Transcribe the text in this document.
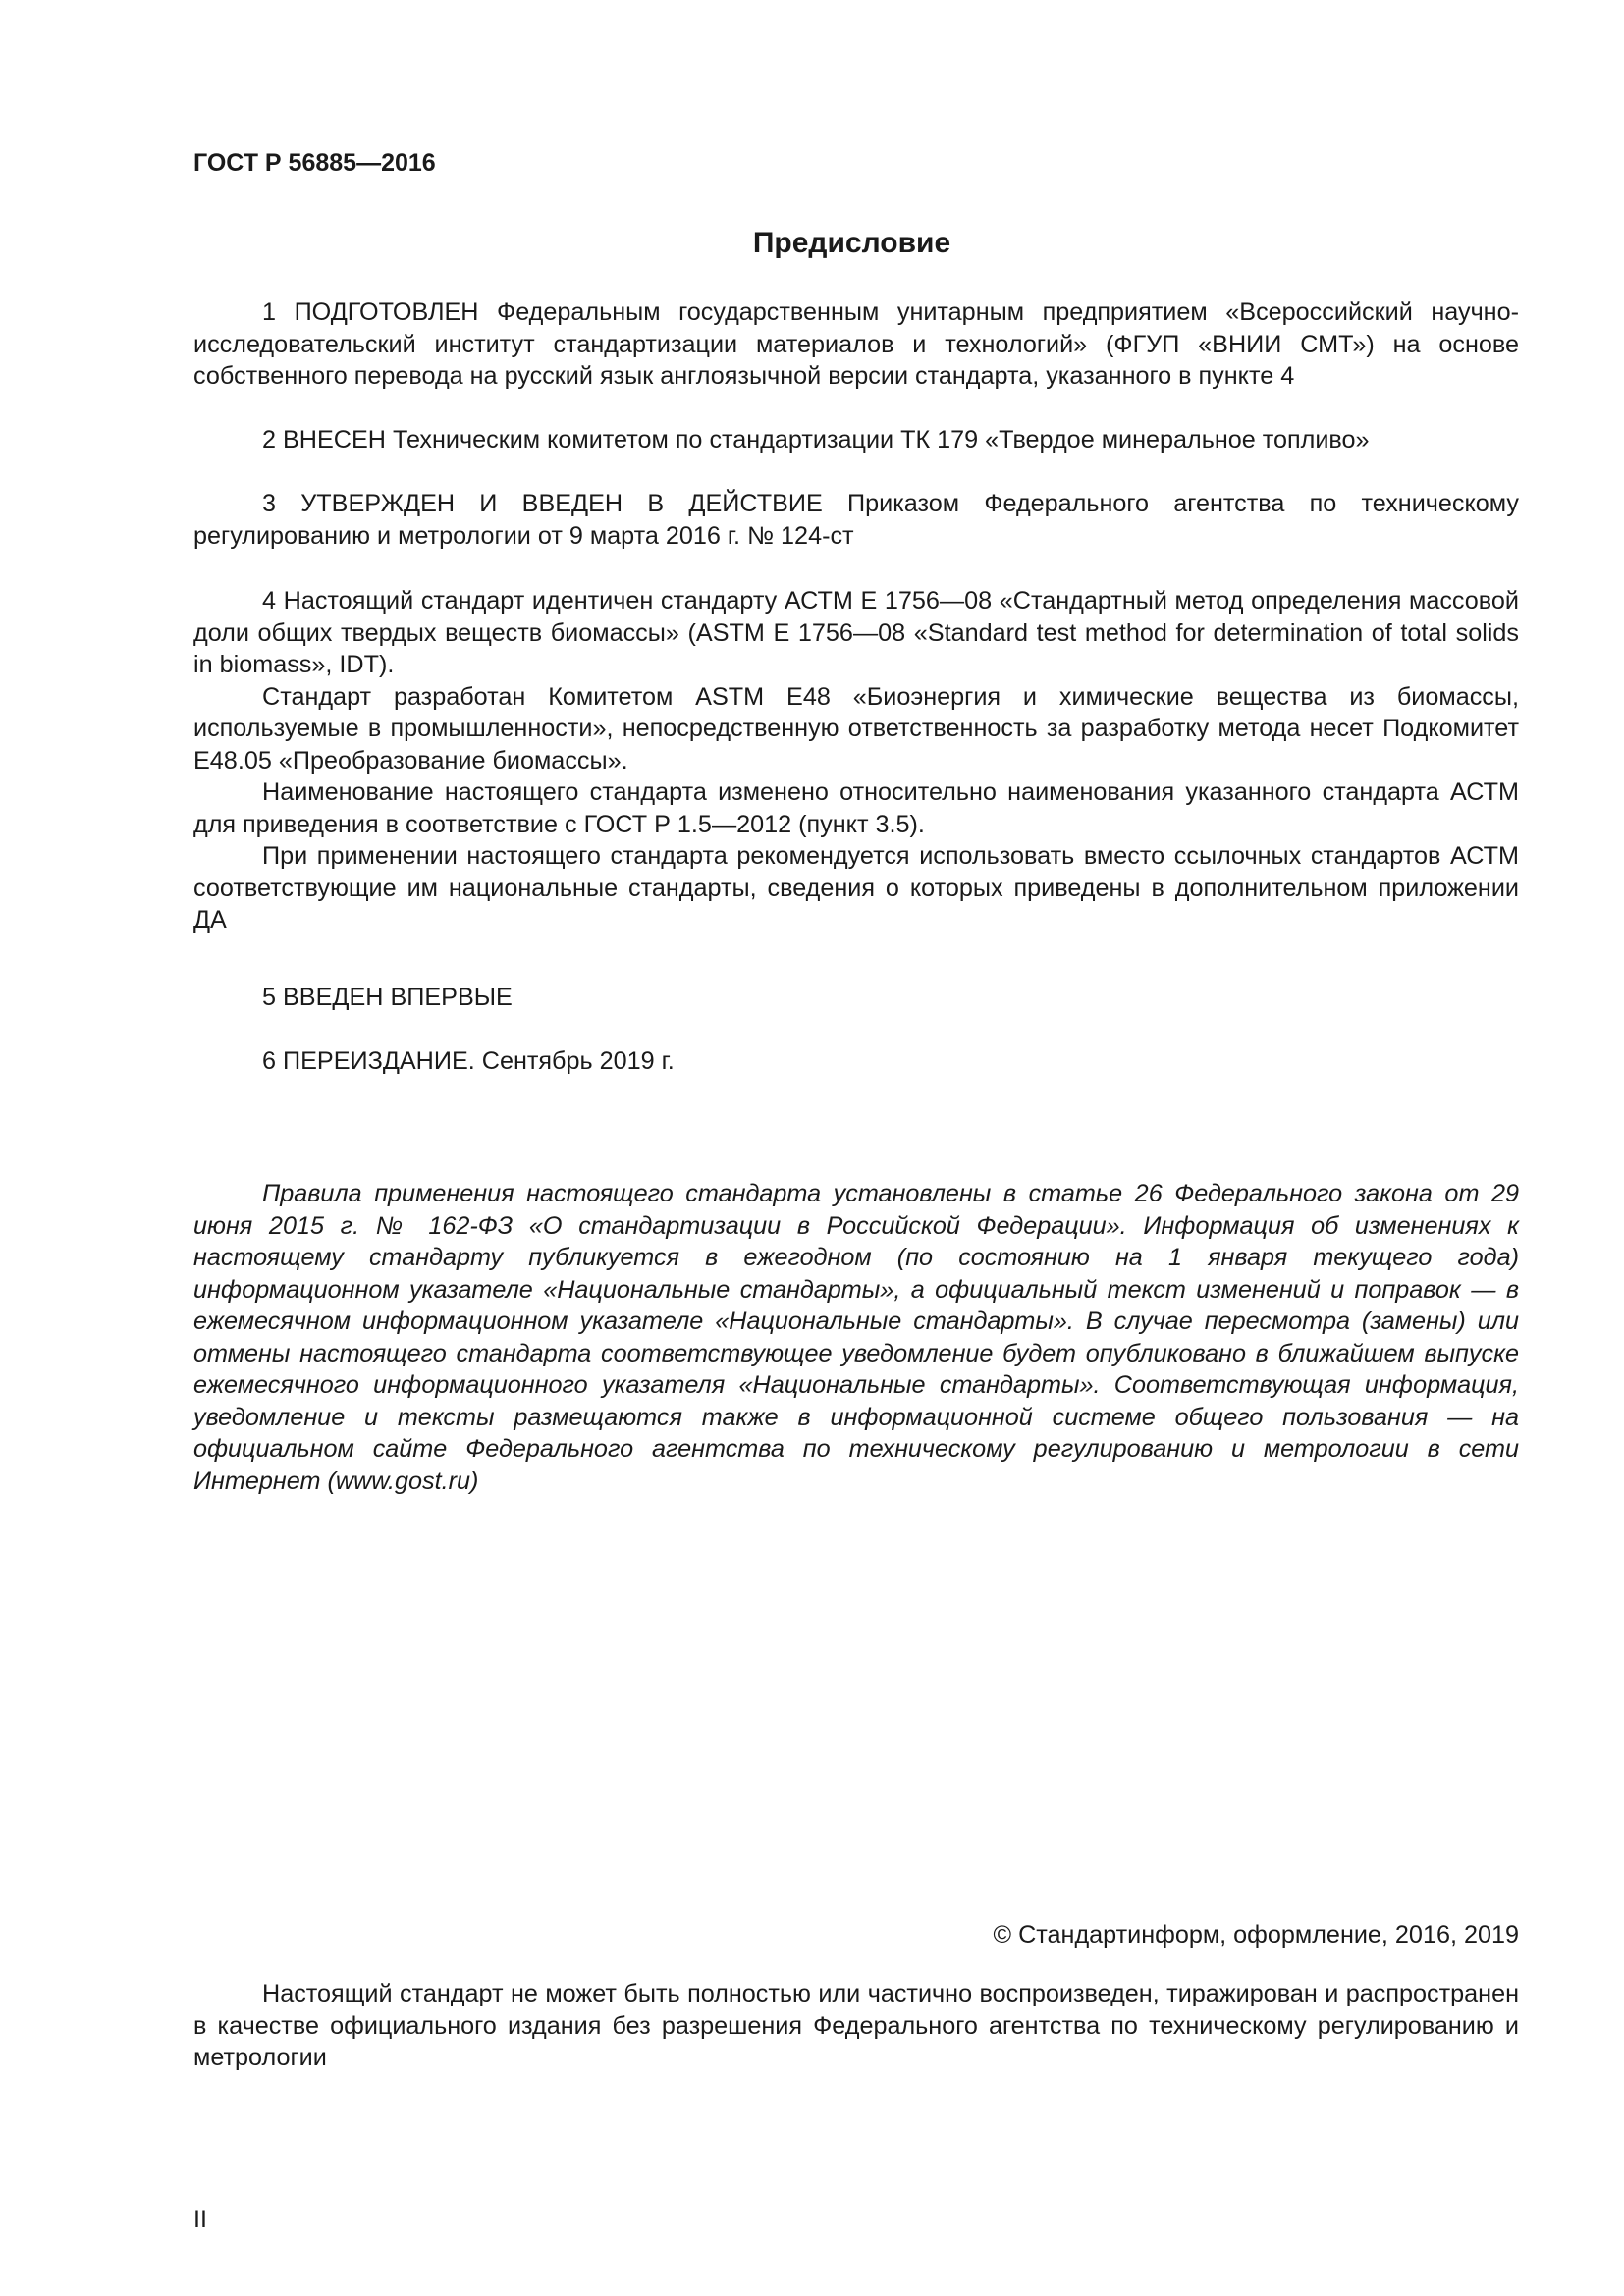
ГОСТ Р 56885—2016
Предисловие

1 ПОДГОТОВЛЕН Федеральным государственным унитарным предприятием «Всероссийский научно-исследовательский институт стандартизации материалов и технологий» (ФГУП «ВНИИ СМТ») на основе собственного перевода на русский язык англоязычной версии стандарта, указанного в пункте 4

2 ВНЕСЕН Техническим комитетом по стандартизации ТК 179 «Твердое минеральное топливо»

3 УТВЕРЖДЕН И ВВЕДЕН В ДЕЙСТВИЕ Приказом Федерального агентства по техническому регулированию и метрологии от 9 марта 2016 г. № 124-ст

4 Настоящий стандарт идентичен стандарту АСТМ Е 1756—08 «Стандартный метод определения массовой доли общих твердых веществ биомассы» (ASTM Е 1756—08 «Standard test method for determination of total solids in biomass», IDT).

Стандарт разработан Комитетом ASTM Е48 «Биоэнергия и химические вещества из биомассы, используемые в промышленности», непосредственную ответственность за разработку метода несет Подкомитет Е48.05 «Преобразование биомассы».

Наименование настоящего стандарта изменено относительно наименования указанного стандарта АСТМ для приведения в соответствие с ГОСТ Р 1.5—2012 (пункт 3.5).

При применении настоящего стандарта рекомендуется использовать вместо ссылочных стандартов АСТМ соответствующие им национальные стандарты, сведения о которых приведены в дополнительном приложении ДА

5 ВВЕДЕН ВПЕРВЫЕ

6 ПЕРЕИЗДАНИЕ. Сентябрь 2019 г.

Правила применения настоящего стандарта установлены в статье 26 Федерального закона от 29 июня 2015 г. № 162-ФЗ «О стандартизации в Российской Федерации». Информация об изменениях к настоящему стандарту публикуется в ежегодном (по состоянию на 1 января текущего года) информационном указателе «Национальные стандарты», а официальный текст изменений и поправок — в ежемесячном информационном указателе «Национальные стандарты». В случае пересмотра (замены) или отмены настоящего стандарта соответствующее уведомление будет опубликовано в ближайшем выпуске ежемесячного информационного указателя «Национальные стандарты». Соответствующая информация, уведомление и тексты размещаются также в информационной системе общего пользования — на официальном сайте Федерального агентства по техническому регулированию и метрологии в сети Интернет (www.gost.ru)

© Стандартинформ, оформление, 2016, 2019

Настоящий стандарт не может быть полностью или частично воспроизведен, тиражирован и распространен в качестве официального издания без разрешения Федерального агентства по техническому регулированию и метрологии

II
